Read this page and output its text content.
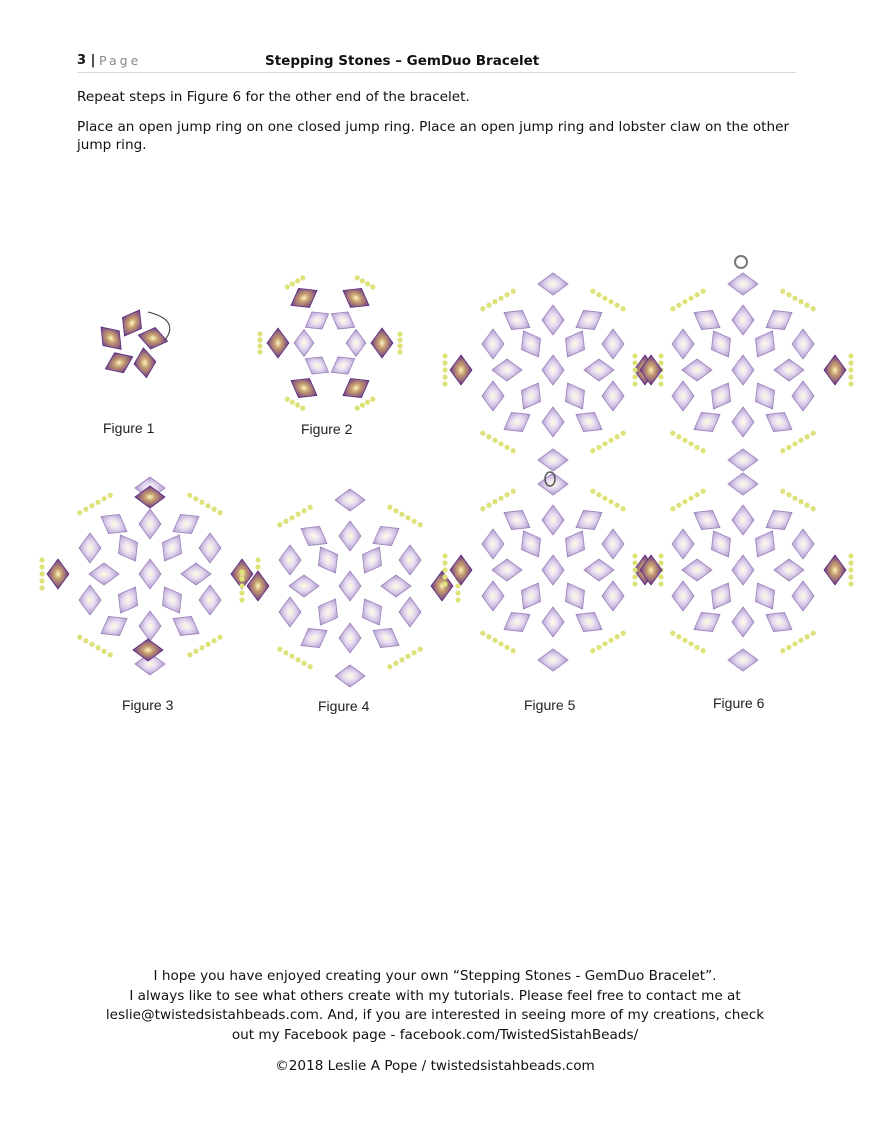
3 | Page	Stepping Stones – GemDuo Bracelet
Repeat steps in Figure 6 for the other end of the bracelet.
Place an open jump ring on one closed jump ring. Place an open jump ring and lobster claw on the other jump ring.
Figure 1	Figure 2
Figure 3	Figure 4	Figure 5	Figure 6
I hope you have enjoyed creating your own “Stepping Stones - GemDuo Bracelet”.
I always like to see what others create with my tutorials. Please feel free to contact me at
leslie@twistedsistahbeads.com. And, if you are interested in seeing more of my creations, check
out my Facebook page - facebook.com/TwistedSistahBeads/
©2018 Leslie A Pope / twistedsistahbeads.com
